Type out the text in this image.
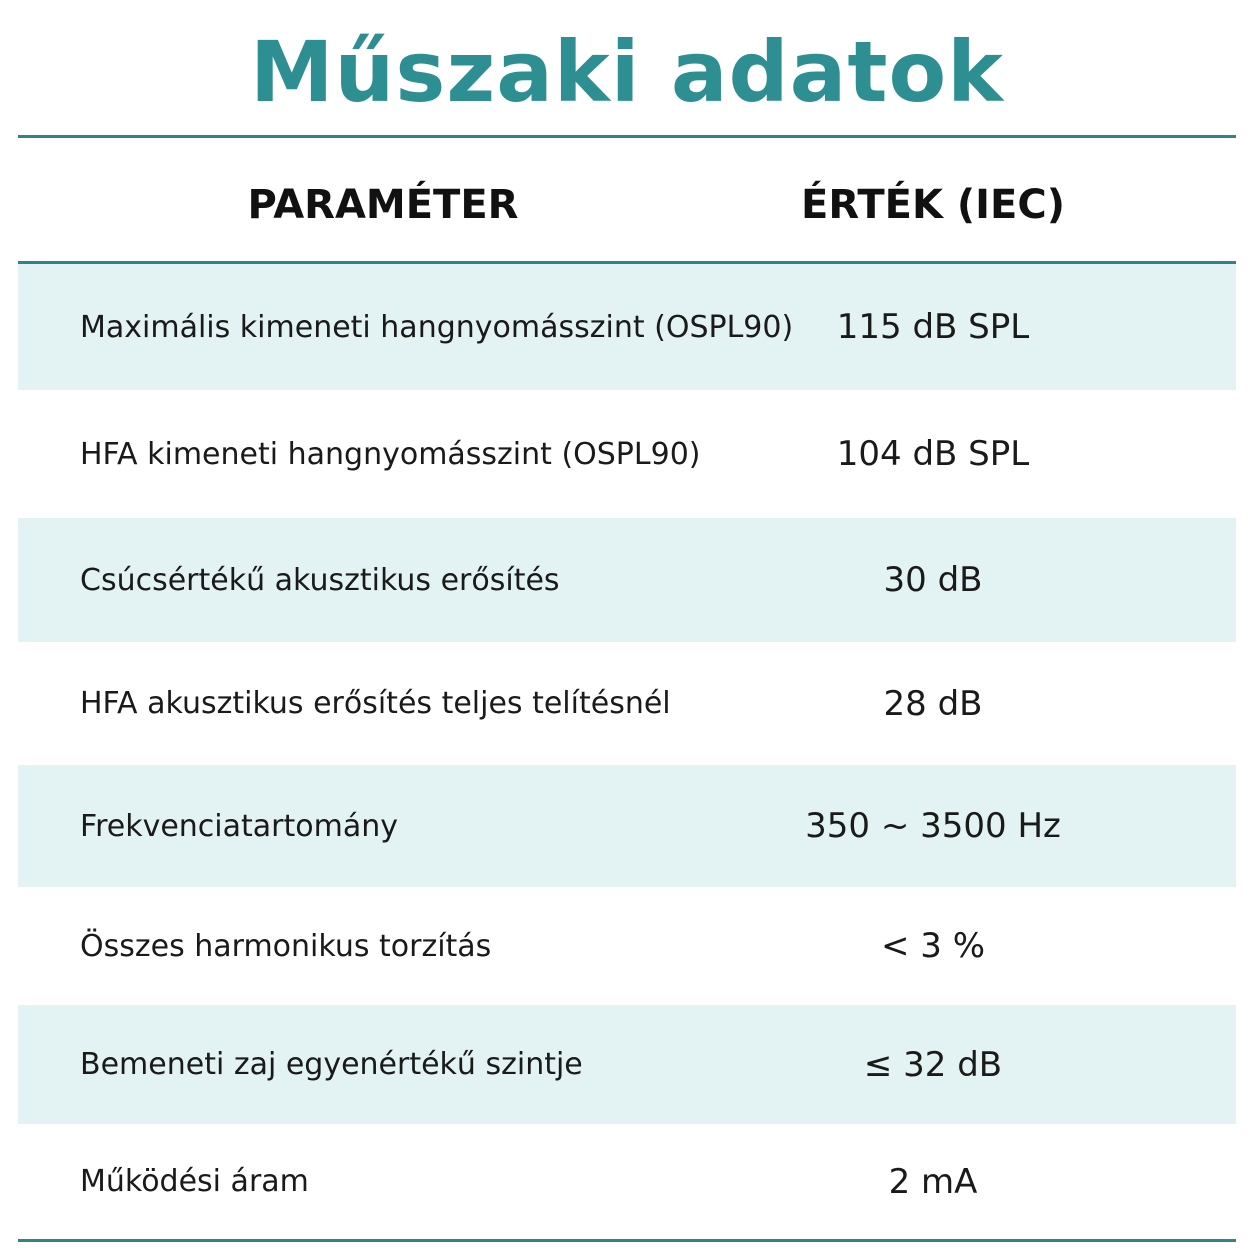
Műszaki adatok
PARAMÉTER	ÉRTÉK (IEC)
Maximális kimeneti hangnyomásszint (OSPL90)	115 dB SPL
HFA kimeneti hangnyomásszint (OSPL90)	104 dB SPL
Csúcsértékű akusztikus erősítés	30 dB
HFA akusztikus erősítés teljes telítésnél	28 dB
Frekvenciatartomány	350 ~ 3500 Hz
Összes harmonikus torzítás	< 3 %
Bemeneti zaj egyenértékű szintje	≤ 32 dB
Működési áram	2 mA
